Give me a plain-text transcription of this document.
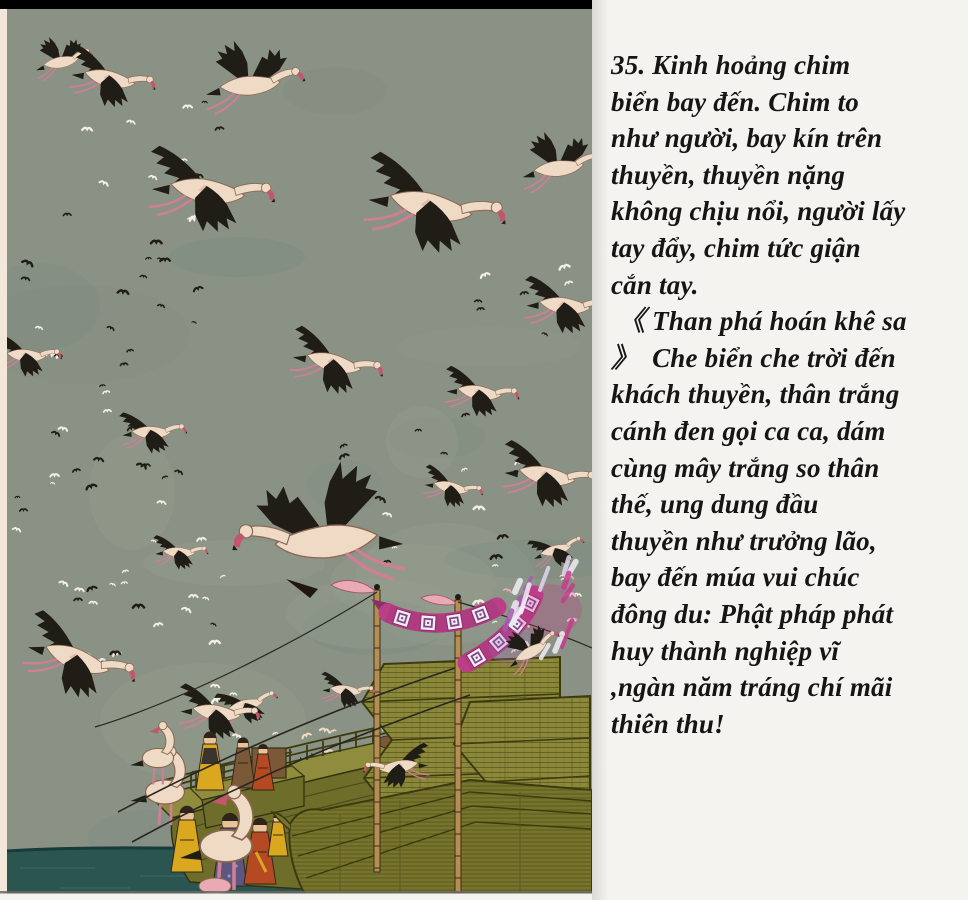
35. Kinh hoảng chim

biển bay đến. Chim to

như người, bay kín trên

thuyền, thuyền nặng

không chịu nổi, người lấy

tay đẩy, chim tức giận

cắn tay.

《 Than phá hoán khê sa

》  Che biển che trời đến

khách thuyền, thân trắng

cánh đen gọi ca ca, dám

cùng mây trắng so thân

thế, ung dung đầu

thuyền như trưởng lão,

bay đến múa vui chúc

đông du: Phật pháp phát

huy thành nghiệp vĩ

,ngàn năm tráng chí mãi

thiên thu!
